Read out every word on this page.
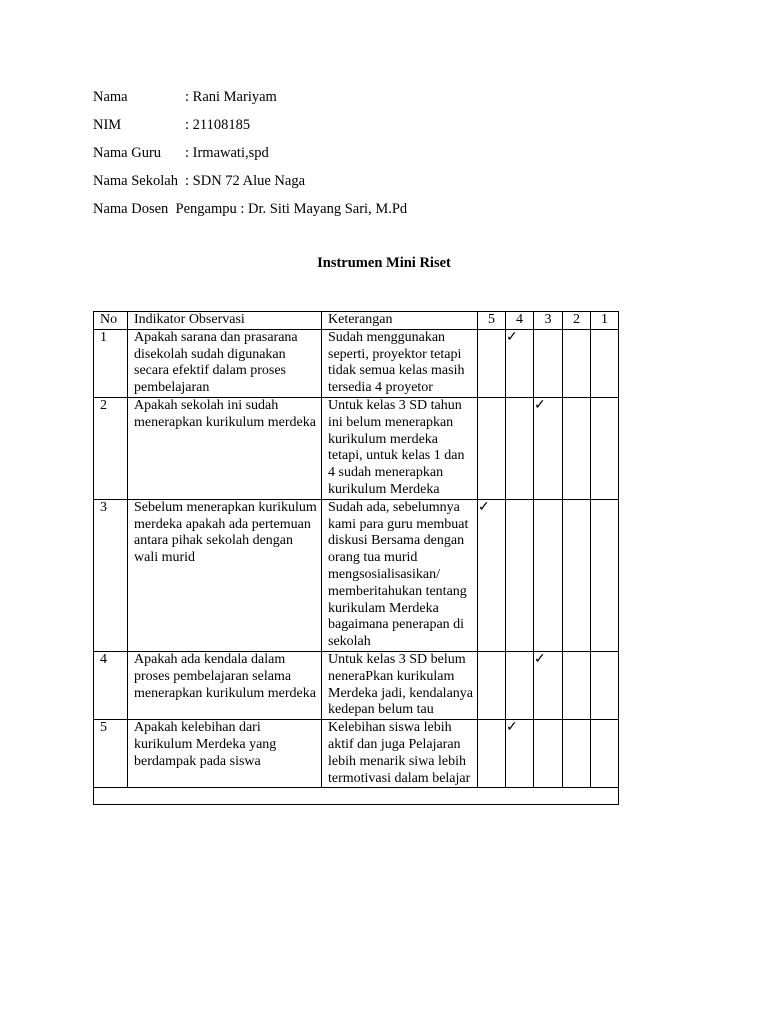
Nama	: Rani Mariyam
NIM	: 21108185
Nama Guru : Irmawati,spd
Nama Sekolah : SDN 72 Alue Naga
Nama Dosen  Pengampu : Dr. Siti Mayang Sari, M.Pd
Instrumen Mini Riset
No	Indikator Observasi	Keterangan	5	4	3	2	1
1	Apakah sarana dan prasarana disekolah sudah digunakan secara efektif dalam proses pembelajaran	Sudah menggunakan seperti, proyektor tetapi tidak semua kelas masih tersedia 4 proyetor		✓			
2	Apakah sekolah ini sudah menerapkan kurikulum merdeka	Untuk kelas 3 SD tahun ini belum menerapkan kurikulum merdeka tetapi, untuk kelas 1 dan 4 sudah menerapkan kurikulum Merdeka			✓		
3	Sebelum menerapkan kurikulum merdeka apakah ada pertemuan antara pihak sekolah dengan wali murid	Sudah ada, sebelumnya kami para guru membuat diskusi Bersama dengan orang tua murid mengsosialisasikan/ memberitahukan tentang kurikulam Merdeka bagaimana penerapan di sekolah	✓				
4	Apakah ada kendala dalam proses pembelajaran selama menerapkan kurikulum merdeka	Untuk kelas 3 SD belum neneraPkan kurikulam Merdeka jadi, kendalanya kedepan belum tau			✓		
5	Apakah kelebihan dari kurikulum Merdeka yang berdampak pada siswa	Kelebihan siswa lebih aktif dan juga Pelajaran lebih menarik siwa lebih termotivasi dalam belajar		✓			
